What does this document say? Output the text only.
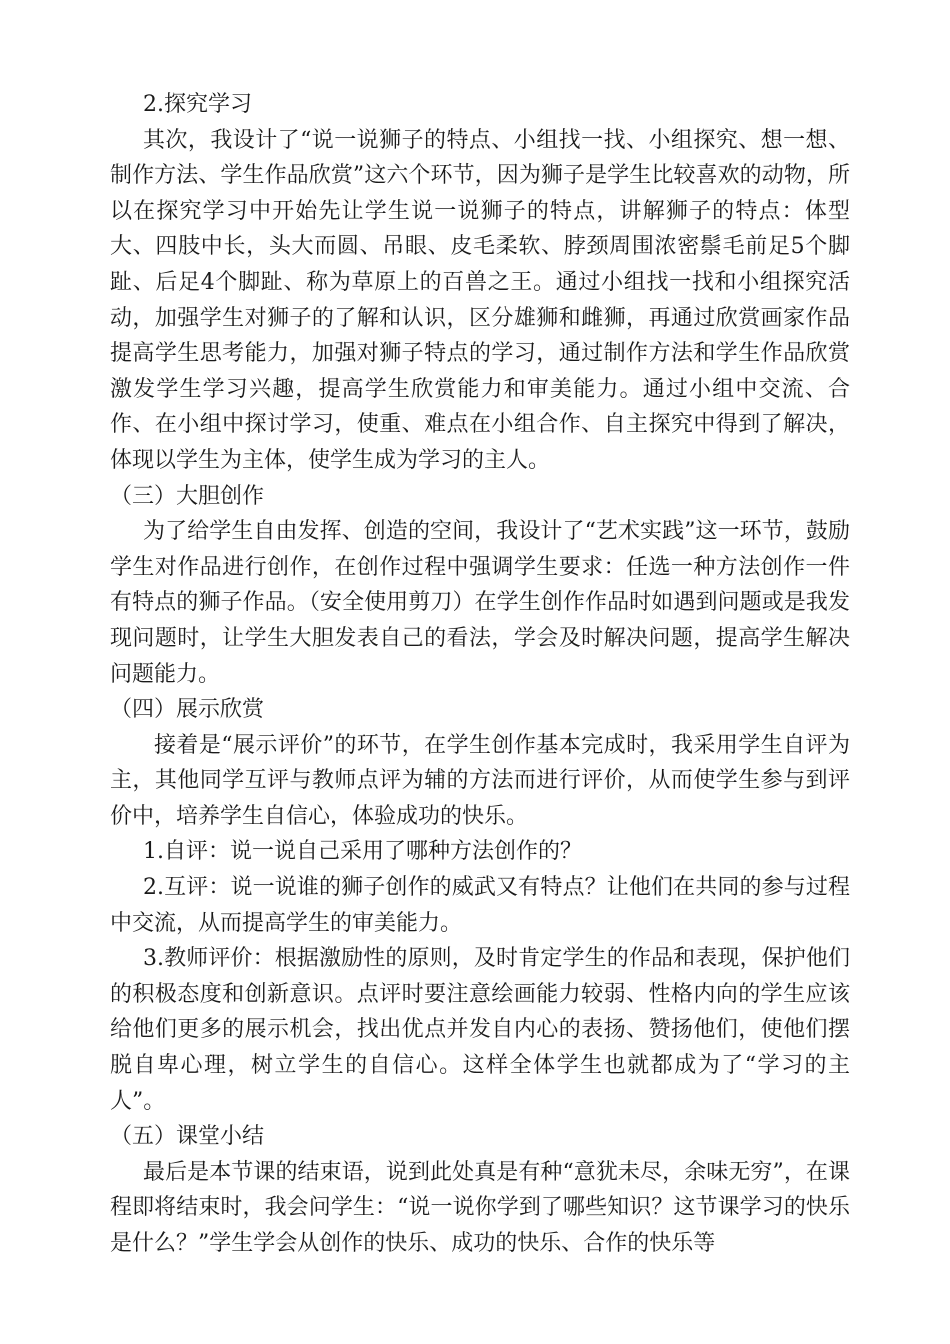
2.探究学习

其次，我设计了“说一说狮子的特点、小组找一找、小组探究、想一想、制作方法、学生作品欣赏”这六个环节，因为狮子是学生比较喜欢的动物，所以在探究学习中开始先让学生说一说狮子的特点，讲解狮子的特点：体型大、四肢中长，头大而圆、吊眼、皮毛柔软、脖颈周围浓密鬃毛前足5个脚趾、后足4个脚趾、称为草原上的百兽之王。通过小组找一找和小组探究活动，加强学生对狮子的了解和认识，区分雄狮和雌狮，再通过欣赏画家作品提高学生思考能力，加强对狮子特点的学习，通过制作方法和学生作品欣赏激发学生学习兴趣，提高学生欣赏能力和审美能力。通过小组中交流、合作、在小组中探讨学习，使重、难点在小组合作、自主探究中得到了解决，体现以学生为主体，使学生成为学习的主人。

（三）大胆创作

为了给学生自由发挥、创造的空间，我设计了“艺术实践”这一环节，鼓励学生对作品进行创作，在创作过程中强调学生要求：任选一种方法创作一件有特点的狮子作品。（安全使用剪刀）在学生创作作品时如遇到问题或是我发现问题时，让学生大胆发表自己的看法，学会及时解决问题，提高学生解决问题能力。

（四）展示欣赏

接着是“展示评价”的环节，在学生创作基本完成时，我采用学生自评为主，其他同学互评与教师点评为辅的方法而进行评价，从而使学生参与到评价中，培养学生自信心，体验成功的快乐。

1.自评：说一说自己采用了哪种方法创作的？

2.互评：说一说谁的狮子创作的威武又有特点？让他们在共同的参与过程中交流，从而提高学生的审美能力。

3.教师评价：根据激励性的原则，及时肯定学生的作品和表现，保护他们的积极态度和创新意识。点评时要注意绘画能力较弱、性格内向的学生应该给他们更多的展示机会，找出优点并发自内心的表扬、赞扬他们，使他们摆脱自卑心理，树立学生的自信心。这样全体学生也就都成为了“学习的主人”。

（五）课堂小结

最后是本节课的结束语，说到此处真是有种“意犹未尽，余味无穷”，在课程即将结束时，我会问学生：“说一说你学到了哪些知识？这节课学习的快乐是什么？”学生学会从创作的快乐、成功的快乐、合作的快乐等
